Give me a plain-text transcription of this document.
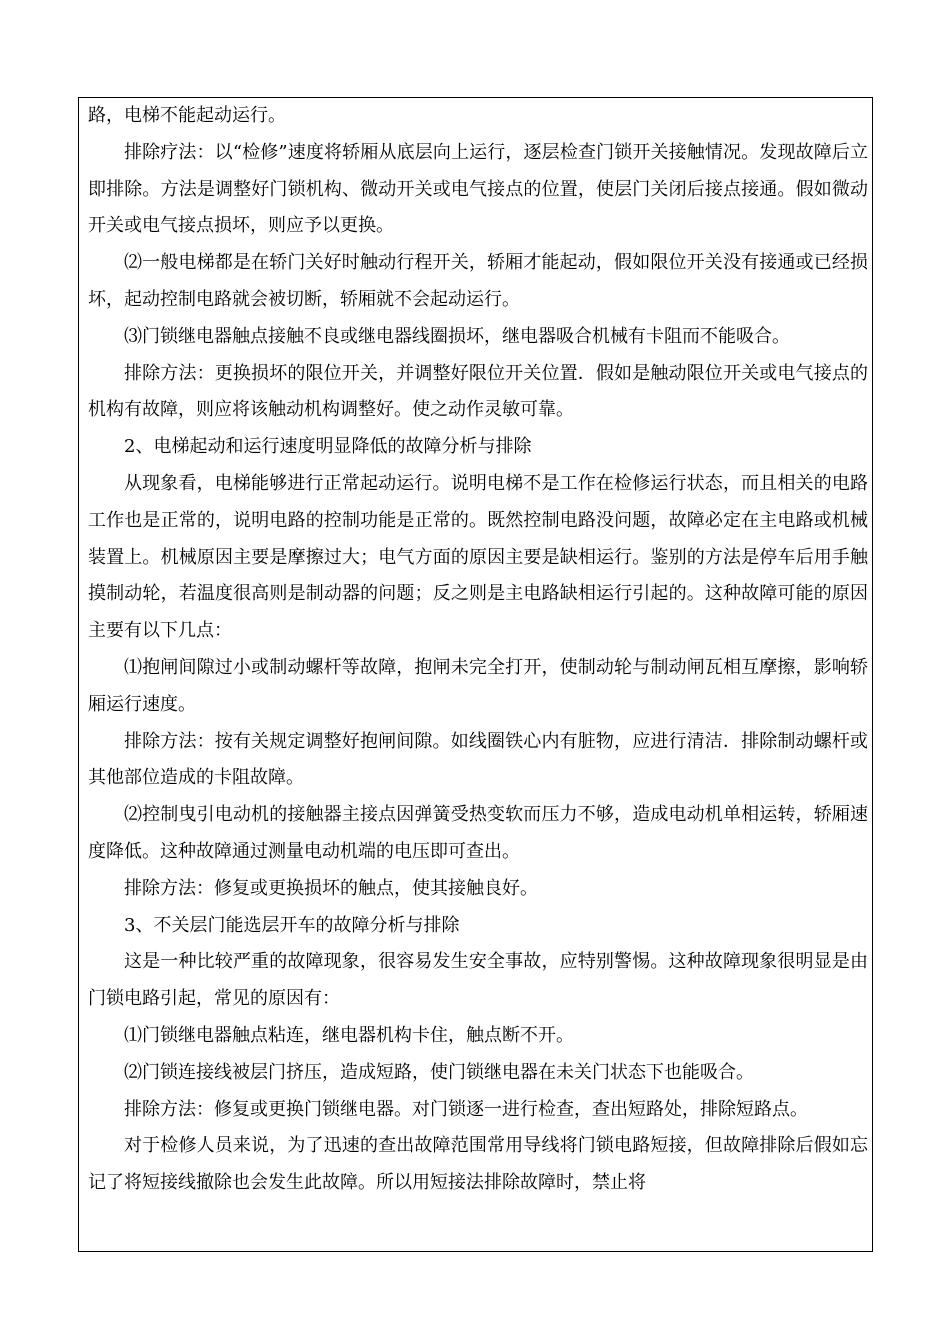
路，电梯不能起动运行。

排除疗法：以“检修”速度将轿厢从底层向上运行，逐层检查门锁开关接触情况。发现故障后立即排除。方法是调整好门锁机构、微动开关或电气接点的位置，使层门关闭后接点接通。假如微动开关或电气接点损坏，则应予以更换。

⑵一般电梯都是在轿门关好时触动行程开关，轿厢才能起动，假如限位开关没有接通或已经损坏，起动控制电路就会被切断，轿厢就不会起动运行。

⑶门锁继电器触点接触不良或继电器线圈损坏，继电器吸合机械有卡阻而不能吸合。

排除方法：更换损坏的限位开关，并调整好限位开关位置．假如是触动限位开关或电气接点的机构有故障，则应将该触动机构调整好。使之动作灵敏可靠。

2、电梯起动和运行速度明显降低的故障分析与排除

从现象看，电梯能够进行正常起动运行。说明电梯不是工作在检修运行状态，而且相关的电路工作也是正常的，说明电路的控制功能是正常的。既然控制电路没问题，故障必定在主电路或机械装置上。机械原因主要是摩擦过大；电气方面的原因主要是缺相运行。鉴别的方法是停车后用手触摸制动轮，若温度很高则是制动器的问题；反之则是主电路缺相运行引起的。这种故障可能的原因主要有以下几点：

⑴抱闸间隙过小或制动螺杆等故障，抱闸未完全打开，使制动轮与制动闸瓦相互摩擦，影响轿厢运行速度。

排除方法：按有关规定调整好抱闸间隙。如线圈铁心内有脏物，应进行清洁．排除制动螺杆或其他部位造成的卡阻故障。

⑵控制曳引电动机的接触器主接点因弹簧受热变软而压力不够，造成电动机单相运转，轿厢速度降低。这种故障通过测量电动机端的电压即可查出。

排除方法：修复或更换损坏的触点，使其接触良好。

3、不关层门能选层开车的故障分析与排除

这是一种比较严重的故障现象，很容易发生安全事故，应特别警惕。这种故障现象很明显是由门锁电路引起，常见的原因有：

⑴门锁继电器触点粘连，继电器机构卡住，触点断不开。

⑵门锁连接线被层门挤压，造成短路，使门锁继电器在未关门状态下也能吸合。

排除方法：修复或更换门锁继电器。对门锁逐一进行检查，查出短路处，排除短路点。

对于检修人员来说，为了迅速的查出故障范围常用导线将门锁电路短接，但故障排除后假如忘记了将短接线撤除也会发生此故障。所以用短接法排除故障时，禁止将
